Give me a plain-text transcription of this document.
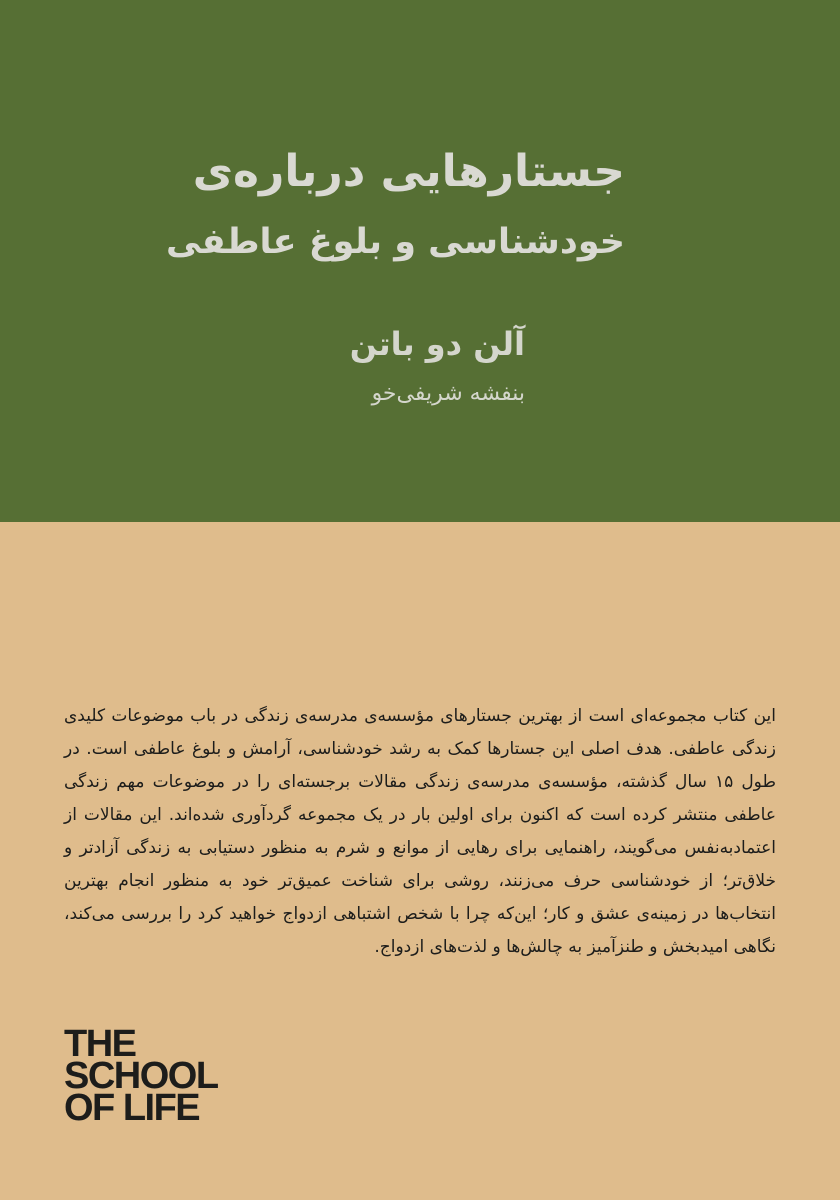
جستارهایی درباره‌ی
خودشناسی و بلوغ عاطفی

آلن دو باتن

بنفشه شریفی‌خو

این کتاب مجموعه‌ای است از بهترین جستارهای مؤسسه‌ی مدرسه‌ی زندگی در باب موضوعات کلیدی زندگی عاطفی. هدف اصلی این جستارها کمک به رشد خودشناسی، آرامش و بلوغ عاطفی است. در طول ۱۵ سال گذشته، مؤسسه‌ی مدرسه‌ی زندگی مقالات برجسته‌ای را در موضوعات مهم زندگی عاطفی منتشر کرده است که اکنون برای اولین بار در یک مجموعه گردآوری شده‌اند. این مقالات از اعتمادبه‌نفس می‌گویند، راهنمایی برای رهایی از موانع و شرم به منظور دستیابی به زندگی آزادتر و خلاق‌تر؛ از خودشناسی حرف می‌زنند، روشی برای شناخت عمیق‌تر خود به منظور انجام بهترین انتخاب‌ها در زمینه‌ی عشق و کار؛ این‌که چرا با شخص اشتباهی ازدواج خواهید کرد را بررسی می‌کند، نگاهی امیدبخش و طنزآمیز به چالش‌ها و لذت‌های ازدواج.

THE
SCHOOL
OF LIFE
